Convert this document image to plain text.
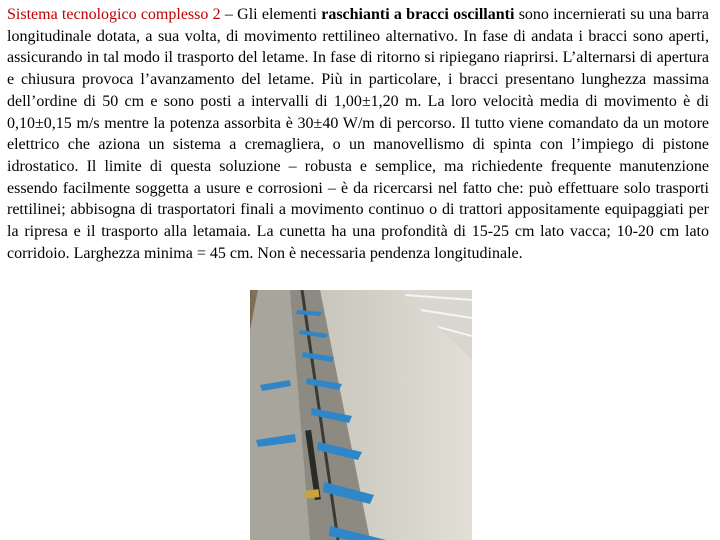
Sistema tecnologico complesso 2 – Gli elementi raschianti a bracci oscillanti sono incernierati su una barra longitudinale dotata, a sua volta, di movimento rettilineo alternativo. In fase di andata i bracci sono aperti, assicurando in tal modo il trasporto del letame. In fase di ritorno si ripiegano riaprirsi. L’alternarsi di apertura e chiusura provoca l’avanzamento del letame. Più in particolare, i bracci presentano lunghezza massima dell’ordine di 50 cm e sono posti a intervalli di 1,00±1,20 m. La loro velocità media di movimento è di 0,10±0,15 m/s mentre la potenza assorbita è 30±40 W/m di percorso. Il tutto viene comandato da un motore elettrico che aziona un sistema a cremagliera, o un manovellismo di spinta con l’impiego di pistone idrostatico. Il limite di questa soluzione – robusta e semplice, ma richiedente frequente manutenzione essendo facilmente soggetta a usure e corrosioni – è da ricercarsi nel fatto che: può effettuare solo trasporti rettilinei; abbisogna di trasportatori finali a movimento continuo o di trattori appositamente equipaggiati per la ripresa e il trasporto alla letamaia. La cunetta ha una profondità di 15-25 cm lato vacca; 10-20 cm lato corridoio. Larghezza minima = 45 cm. Non è necessaria pendenza longitudinale.
